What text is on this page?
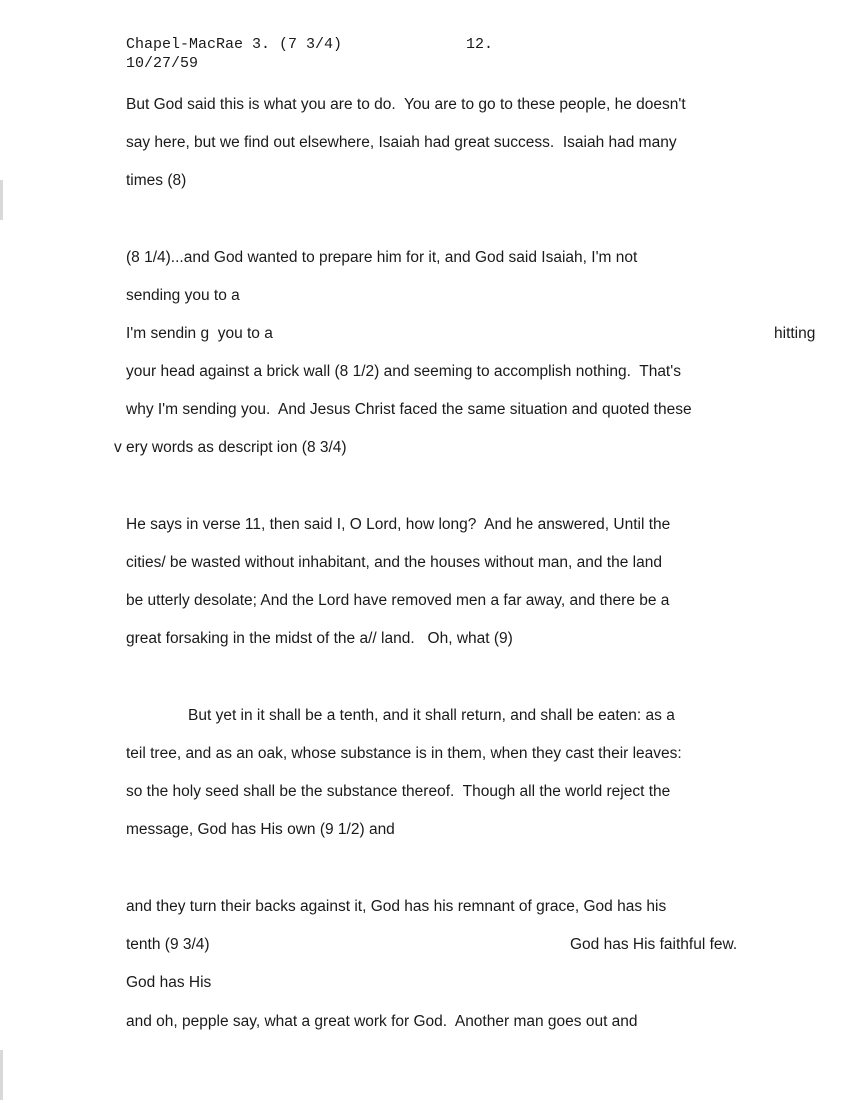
Chapel-MacRae 3. (7 3/4)	12.
10/27/59
But God said this is what you are to do.  You are to go to these people, he doesn't
say here, but we find out elsewhere, Isaiah had great success.  Isaiah had many
times (8)
(8 1/4)...and God wanted to prepare him for it, and God said Isaiah, I'm not
sending you to a
I'm sendin g  you to a	hitting
your head against a brick wall (8 1/2) and seeming to accomplish nothing.  That's
why I'm sending you.  And Jesus Christ faced the same situation and quoted these
v ery words as descript ion (8 3/4)
He says in verse 11, then said I, O Lord, how long?  And he answered, Until the
cities/ be wasted without inhabitant, and the houses without man, and the land
be utterly desolate; And the Lord have removed men a far away, and there be a
great forsaking in the midst of the a// land.   Oh, what (9)
But yet in it shall be a tenth, and it shall return, and shall be eaten: as a
teil tree, and as an oak, whose substance is in them, when they cast their leaves:
so the holy seed shall be the substance thereof.  Though all the world reject the
message, God has His own (9 1/2) and
and they turn their backs against it, God has his remnant of grace, God has his
tenth (9 3/4)	God has His faithful few.
God has His
and oh, pepple say, what a great work for God.  Another man goes out and
